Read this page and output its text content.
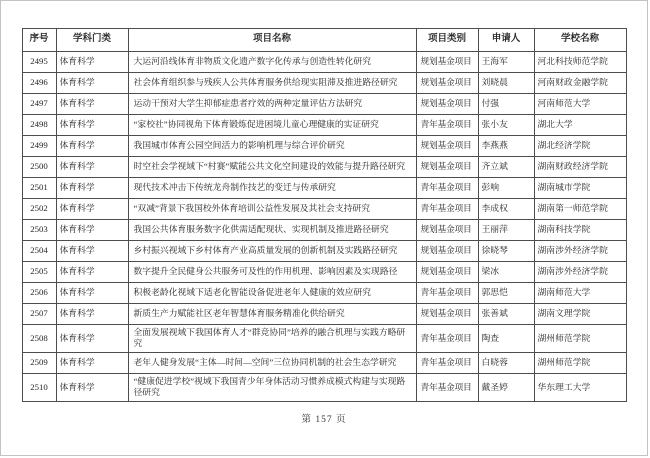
序号	学科门类	项目名称	项目类别	申请人	学校名称
2495	体育科学	大运河沿线体育非物质文化遗产数字化传承与创造性转化研究	规划基金项目	王海军	河北科技师范学院
2496	体育科学	社会体育组织参与残疾人公共体育服务供给现实阻滞及推进路径研究	规划基金项目	刘晓晨	河南财政金融学院
2497	体育科学	运动干预对大学生抑郁症患者疗效的两种定量评估方法研究	规划基金项目	付强	河南师范大学
2498	体育科学	“家校社”协同视角下体育锻炼促进困境儿童心理健康的实证研究	青年基金项目	张小友	湖北大学
2499	体育科学	我国城市体育公园空间活力的影响机理与综合评价研究	规划基金项目	李燕燕	湖北经济学院
2500	体育科学	时空社会学视域下“村赛”赋能公共文化空间建设的效能与提升路径研究	规划基金项目	齐立斌	湖南财政经济学院
2501	体育科学	现代技术冲击下传统龙舟制作技艺的变迁与传承研究	青年基金项目	彭响	湖南城市学院
2502	体育科学	“双减”背景下我国校外体育培训公益性发展及其社会支持研究	青年基金项目	李成权	湖南第一师范学院
2503	体育科学	我国公共体育服务数字化供需适配现状、实现机制及推进路径研究	规划基金项目	王丽萍	湖南科技学院
2504	体育科学	乡村振兴视域下乡村体育产业高质量发展的创新机制及实践路径研究	规划基金项目	徐晓琴	湖南涉外经济学院
2505	体育科学	数字提升全民健身公共服务可及性的作用机理、影响因素及实现路径	规划基金项目	梁冰	湖南涉外经济学院
2506	体育科学	积极老龄化视域下适老化智能设备促进老年人健康的效应研究	青年基金项目	郭思恺	湖南师范大学
2507	体育科学	新质生产力赋能社区老年智慧体育服务精准化供给研究	规划基金项目	张善斌	湖南文理学院
2508	体育科学	全面发展视域下我国体育人才“群竞协同”培养的融合机理与实践方略研究	青年基金项目	陶查	湖州师范学院
2509	体育科学	老年人健身发展“主体—时间—空间”三位协同机制的社会生态学研究	青年基金项目	白晓蓉	湖州师范学院
2510	体育科学	“健康促进学校”视域下我国青少年身体活动习惯养成模式构建与实现路径研究	青年基金项目	戴圣婷	华东理工大学
第 157 页
